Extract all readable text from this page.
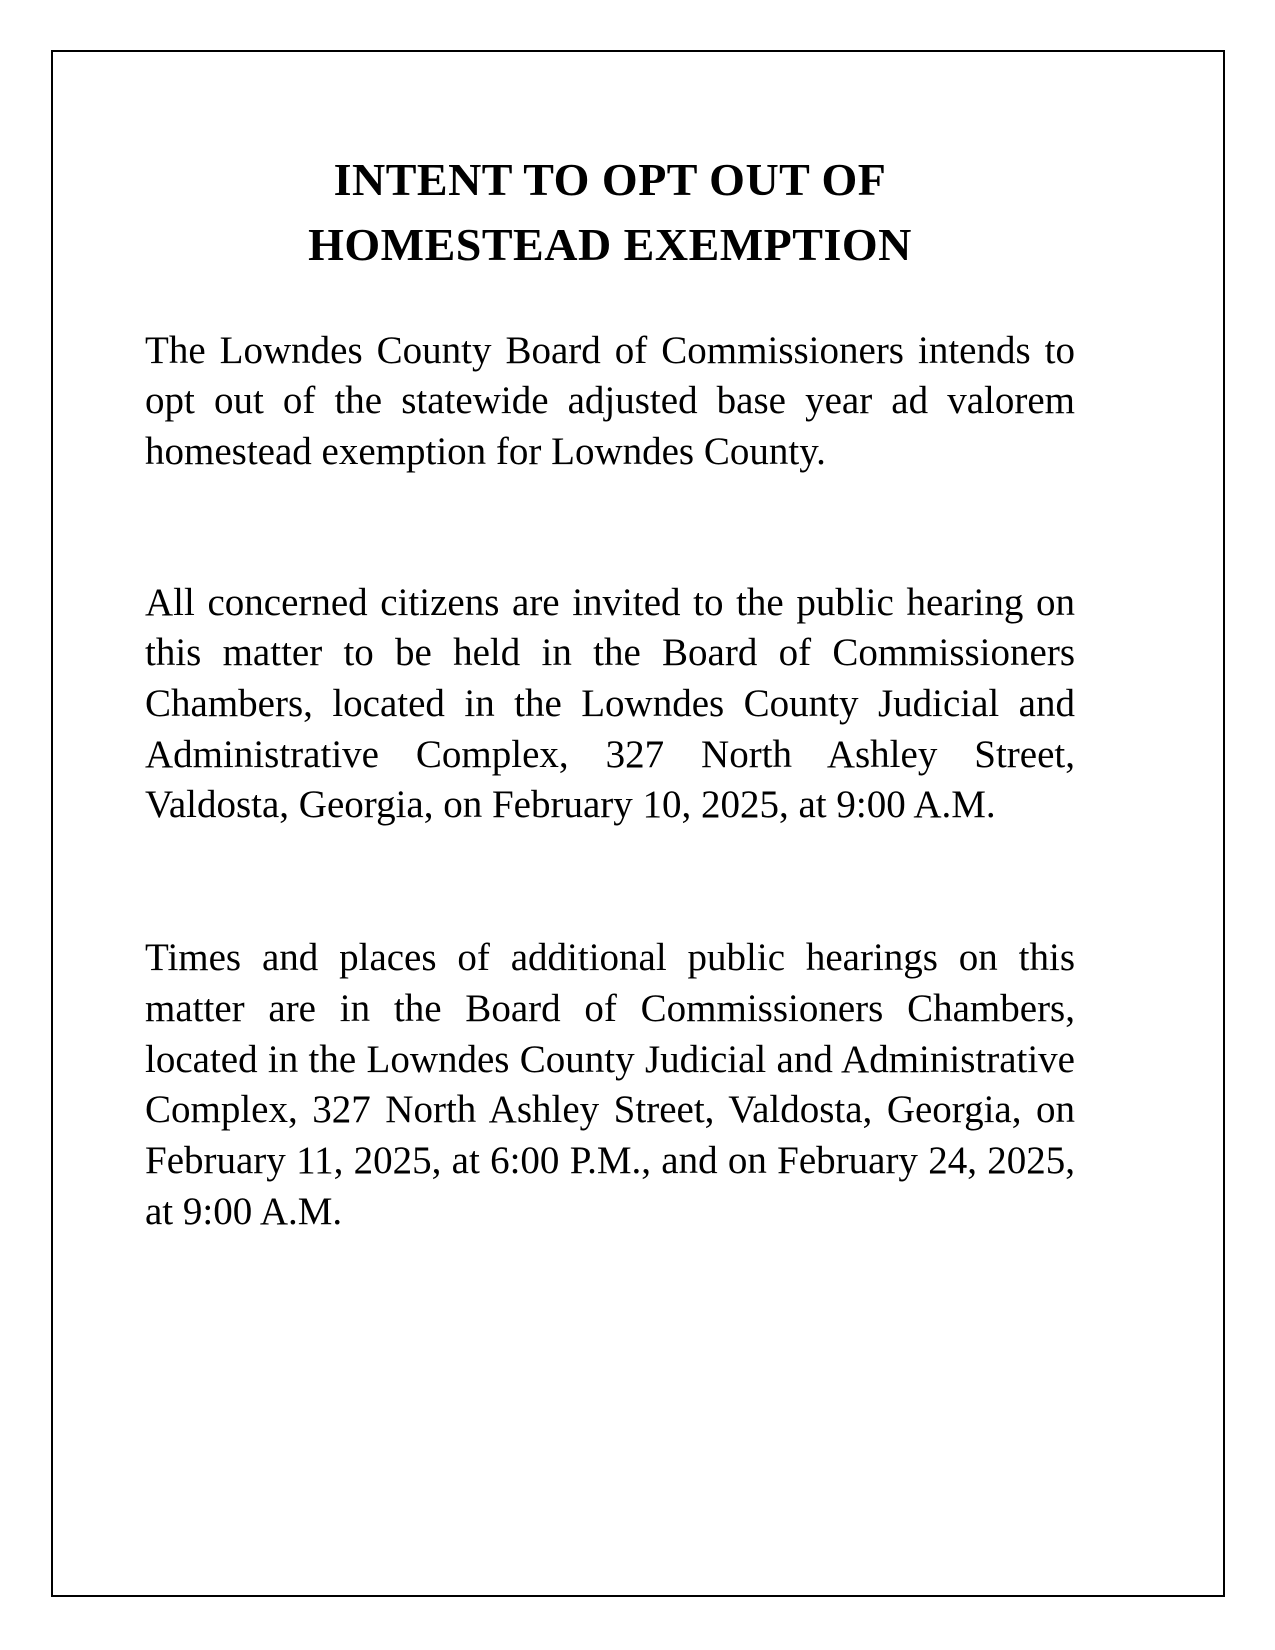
INTENT TO OPT OUT OF
HOMESTEAD EXEMPTION

The Lowndes County Board of Commissioners intends to opt out of the statewide adjusted base year ad valorem homestead exemption for Lowndes County.

All concerned citizens are invited to the public hearing on this matter to be held in the Board of Commissioners Chambers, located in the Lowndes County Judicial and Administrative Complex, 327 North Ashley Street, Valdosta, Georgia, on February 10, 2025, at 9:00 A.M.

Times and places of additional public hearings on this matter are in the Board of Commissioners Chambers, located in the Lowndes County Judicial and Administrative Complex, 327 North Ashley Street, Valdosta, Georgia, on February 11, 2025, at 6:00 P.M., and on February 24, 2025, at 9:00 A.M.
